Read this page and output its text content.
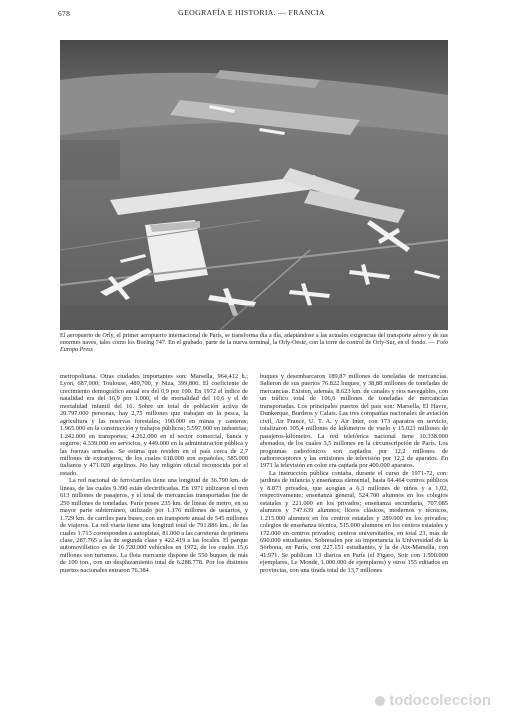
678	GEOGRAFÍA E HISTORIA. — FRANCIA
El aeropuerto de Orly, el primer aeropuerto internacional de París, se transforma día a día, adaptándose a las actuales exigencias del transporte aéreo y de sus enormes naves, tales como los Boeing 747. En el grabado, parte de la nueva terminal, la Orly-Oeste, con la torre de control de Orly-Sur, en el fondo. — Foto Europa Press

metropolitana. Otras ciudades importantes son: Marsella, 964,412 h.; Lyon, 687,000; Toulouse, 489,700, y Niza, 399,800. El coeficiente de crecimiento demográfico anual era del 0,9 por 100. En 1972 el índice de natalidad era del 16,9 por 1.000, el de mortalidad del 10,6 y el de mortalidad infantil del 16. Sobre un total de población activa de 20.797.000 personas, hay 2,75 millones que trabajan en la pesca, la agricultura y las reservas forestales; 190.000 en minas y canteras; 1.965.000 en la construcción y trabajos públicos; 5.597.000 en industrias; 1.242.000 en transportes; 4.262.000 en el sector comercial, banca y seguros; 4.339.000 en servicios, y 449.000 en la administración pública y las fuerzas armadas. Se estima que residen en el país cerca de 2,7 millones de extranjeros, de los cuales 618.000 son españoles, 585.000 italianos y 471.020 argelinos. No hay religión oficial reconocida por el estado.

La red nacional de ferrocarriles tiene una longitud de 36.790 km. de líneas, de las cuales 9.390 están electrificadas. En 1971 utilizaron el tren 613 millones de pasajeros, y el total de mercancías transportadas fue de 250 millones de toneladas. París posee 235 km. de líneas de metro, en su mayor parte subterráneo, utilizado por 1.176 millones de usuarios, y 1.729 km. de carriles para buses, con un transporte anual de 545 millones de viajeros. La red viaria tiene una longitud total de 791.886 km., de las cuales 1.713 corresponden a autopistas, 81.000 a las carreteras de primera clase, 287.765 a las de segunda clase y 422.419 a las locales. El parque automovilístico es de 16.720.000 vehículos en 1972, de los cuales 15,6 millones son turismos. La flota mercante dispone de 550 buques de más de 100 ton., con un desplazamiento total de 6.288.778. Por los distintos puertos nacionales entraron 76.384

buques y desembarcaron 189,87 millones de toneladas de mercancías. Salieron de sus puertos 76.822 buques, y 38,88 millones de toneladas de mercancías. Existen, además, 8.623 km. de canales y ríos navegables, con un tráfico total de 106,6 millones de toneladas de mercancías transportadas. Los principales puertos del país son: Marsella, El Havre, Dunkerque, Burdeos y Calais. Las tres compañías nacionales de aviación civil, Air France, U. T. A. y Air Inter, con 173 aparatos en servicio, totalizaron 305,4 millones de kilómetros de vuelo y 15.023 millones de pasajeros-kilómetro. La red telefónica nacional tiene 10.338.000 abonados, de los cuales 3,5 millones en la circunscripción de París. Los programas radiofónicos son captados por 12,2 millones de radiorreceptores y las emisiones de televisión por 12,2 de aparatos. En 1971 la televisión en color era captada por 400.000 aparatos.

La instrucción pública contaba, durante el curso de 1971-72, con: jardines de infancia y enseñanza elemental, hasta 64.464 centros públicos y 8.873 privados, que acogían a 6,3 millones de niños y a 1,02, respectivamente; enseñanza general, 524.700 alumnos en los colegios estatales y 221.000 en los privados; enseñanza secundaria, 707.085 alumnos y 747.639 alumnos; liceos clásicos, modernos y técnicos, 1.215.000 alumnos en los centros estatales y 289.000 en los privados; colegios de enseñanza técnica, 515.000 alumnos en los centros estatales y 172.000 en centros privados; centros universitarios, en total 23, más de 690.000 estudiantes. Sobresalen por su importancia la Universidad de la Sorbona, en París, con 227.151 estudiantes, y la de Aix-Marsella, con 41.971. Se publican 13 diarios en París (el Figaro, Soir con 1.500.000 ejemplares, Le Monde, 1.000.000 de ejemplares) y otros 155 editados en provincias, con una tirada total de 13,7 millones

todocoleccion
